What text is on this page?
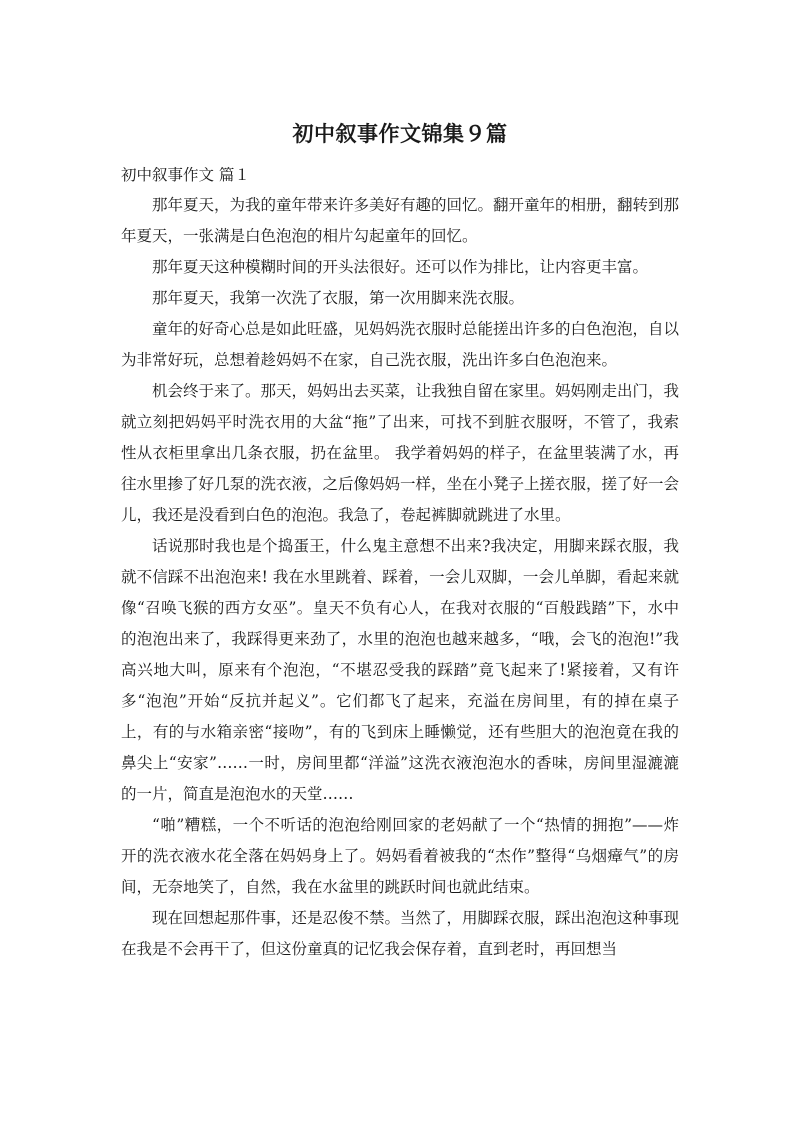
初中叙事作文锦集９篇
初中叙事作文 篇１

那年夏天，为我的童年带来许多美好有趣的回忆。翻开童年的相册，翻转到那年夏天，一张满是白色泡泡的相片勾起童年的回忆。

那年夏天这种模糊时间的开头法很好。还可以作为排比，让内容更丰富。

那年夏天，我第一次洗了衣服，第一次用脚来洗衣服。

童年的好奇心总是如此旺盛，见妈妈洗衣服时总能搓出许多的白色泡泡，自以为非常好玩，总想着趁妈妈不在家，自己洗衣服，洗出许多白色泡泡来。

机会终于来了。那天，妈妈出去买菜，让我独自留在家里。妈妈刚走出门，我就立刻把妈妈平时洗衣用的大盆“拖”了出来，可找不到脏衣服呀，不管了，我索性从衣柜里拿出几条衣服，扔在盆里。 我学着妈妈的样子，在盆里装满了水，再往水里掺了好几泵的洗衣液，之后像妈妈一样，坐在小凳子上搓衣服，搓了好一会儿，我还是没看到白色的泡泡。我急了，卷起裤脚就跳进了水里。

话说那时我也是个捣蛋王，什么鬼主意想不出来?我决定，用脚来踩衣服，我就不信踩不出泡泡来! 我在水里跳着、踩着，一会儿双脚，一会儿单脚，看起来就像“召唤飞猴的西方女巫”。皇天不负有心人，在我对衣服的“百般践踏”下，水中的泡泡出来了，我踩得更来劲了，水里的泡泡也越来越多，“哦，会飞的泡泡!”我高兴地大叫，原来有个泡泡，“不堪忍受我的踩踏”竟飞起来了!紧接着，又有许多“泡泡”开始“反抗并起义”。它们都飞了起来，充溢在房间里，有的掉在桌子上，有的与水箱亲密“接吻”，有的飞到床上睡懒觉，还有些胆大的泡泡竟在我的鼻尖上“安家”……一时，房间里都“洋溢”这洗衣液泡泡水的香味，房间里湿漉漉的一片，简直是泡泡水的天堂……

“啪”糟糕，一个不听话的泡泡给刚回家的老妈献了一个“热情的拥抱”——炸开的洗衣液水花全落在妈妈身上了。妈妈看着被我的“杰作”整得“乌烟瘴气”的房间，无奈地笑了，自然，我在水盆里的跳跃时间也就此结束。

现在回想起那件事，还是忍俊不禁。当然了，用脚踩衣服，踩出泡泡这种事现在我是不会再干了，但这份童真的记忆我会保存着，直到老时，再回想当
